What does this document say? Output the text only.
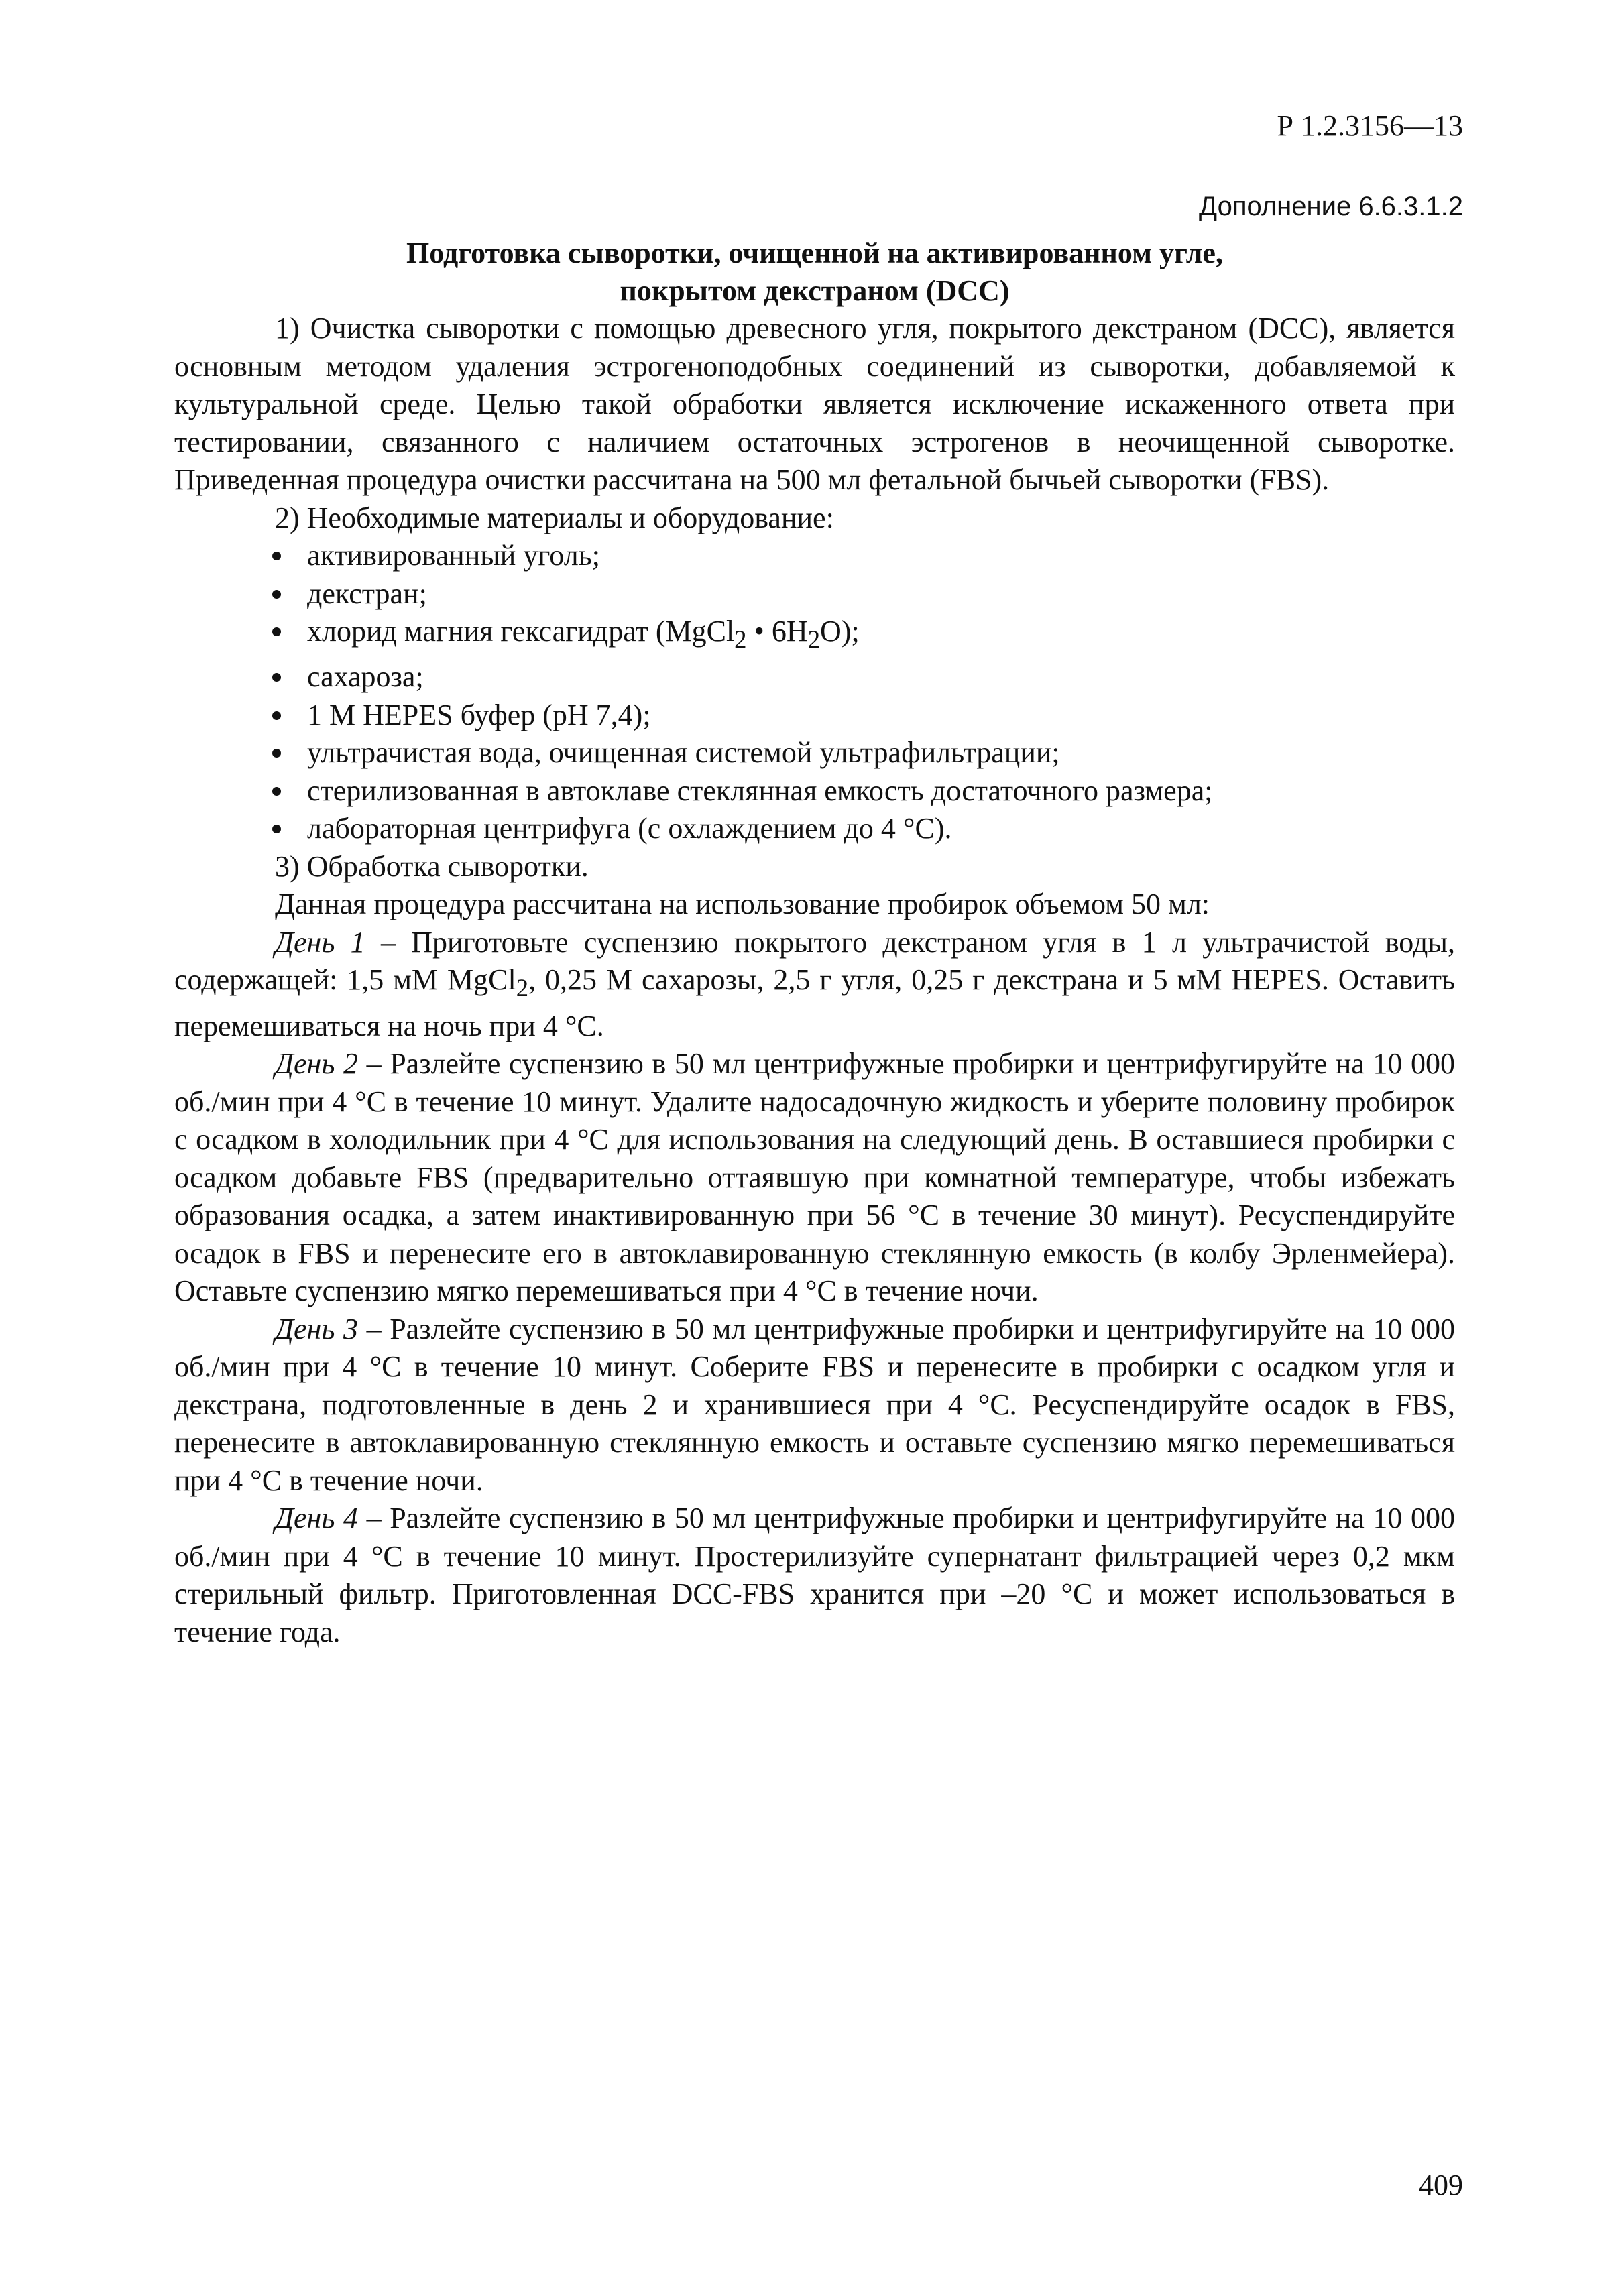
Р 1.2.3156—13
Дополнение 6.6.3.1.2
Подготовка сыворотки, очищенной на активированном угле,
покрытом декстраном (DCC)

1) Очистка сыворотки с помощью древесного угля, покрытого декстраном (DCC), является основным методом удаления эстрогеноподобных соединений из сыворотки, добавляемой к культуральной среде. Целью такой обработки является исключение искаженного ответа при тестировании, связанного с наличием остаточных эстрогенов в неочищенной сыворотке. Приведенная процедура очистки рассчитана на 500 мл фетальной бычьей сыворотки (FBS).

2) Необходимые материалы и оборудование:

активированный уголь;
декстран;
хлорид магния гексагидрат (MgCl$_2$ • $6H_2O$);
сахароза;
1 М HEPES буфер (pH 7,4);
ультрачистая вода, очищенная системой ультрафильтрации;
стерилизованная в автоклаве стеклянная емкость достаточного размера;
лабораторная центрифуга (с охлаждением до 4 °C).

3) Обработка сыворотки.

Данная процедура рассчитана на использование пробирок объемом 50 мл:

День 1 – Приготовьте суспензию покрытого декстраном угля в 1 л ультрачистой воды, содержащей: 1,5 мМ MgCl$_2$, 0,25 М сахарозы, 2,5 г угля, 0,25 г декстрана и 5 мМ HEPES. Оставить перемешиваться на ночь при 4 °C.

День 2 – Разлейте суспензию в 50 мл центрифужные пробирки и центрифугируйте на 10 000 об./мин при 4 °C в течение 10 минут. Удалите надосадочную жидкость и уберите половину пробирок с осадком в холодильник при 4 °C для использования на следующий день. В оставшиеся пробирки с осадком добавьте FBS (предварительно оттаявшую при комнатной температуре, чтобы избежать образования осадка, а затем инактивированную при 56 °C в течение 30 минут). Ресуспендируйте осадок в FBS и перенесите его в автоклавированную стеклянную емкость (в колбу Эрленмейера). Оставьте суспензию мягко перемешиваться при 4 °C в течение ночи.

День 3 – Разлейте суспензию в 50 мл центрифужные пробирки и центрифугируйте на 10 000 об./мин при 4 °C в течение 10 минут. Соберите FBS и перенесите в пробирки с осадком угля и декстрана, подготовленные в день 2 и хранившиеся при 4 °C. Ресуспендируйте осадок в FBS, перенесите в автоклавированную стеклянную емкость и оставьте суспензию мягко перемешиваться при 4 °C в течение ночи.

День 4 – Разлейте суспензию в 50 мл центрифужные пробирки и центрифугируйте на 10 000 об./мин при 4 °C в течение 10 минут. Простерилизуйте супернатант фильтрацией через 0,2 мкм стерильный фильтр. Приготовленная DCC-FBS хранится при –20 °C и может использоваться в течение года.

409
